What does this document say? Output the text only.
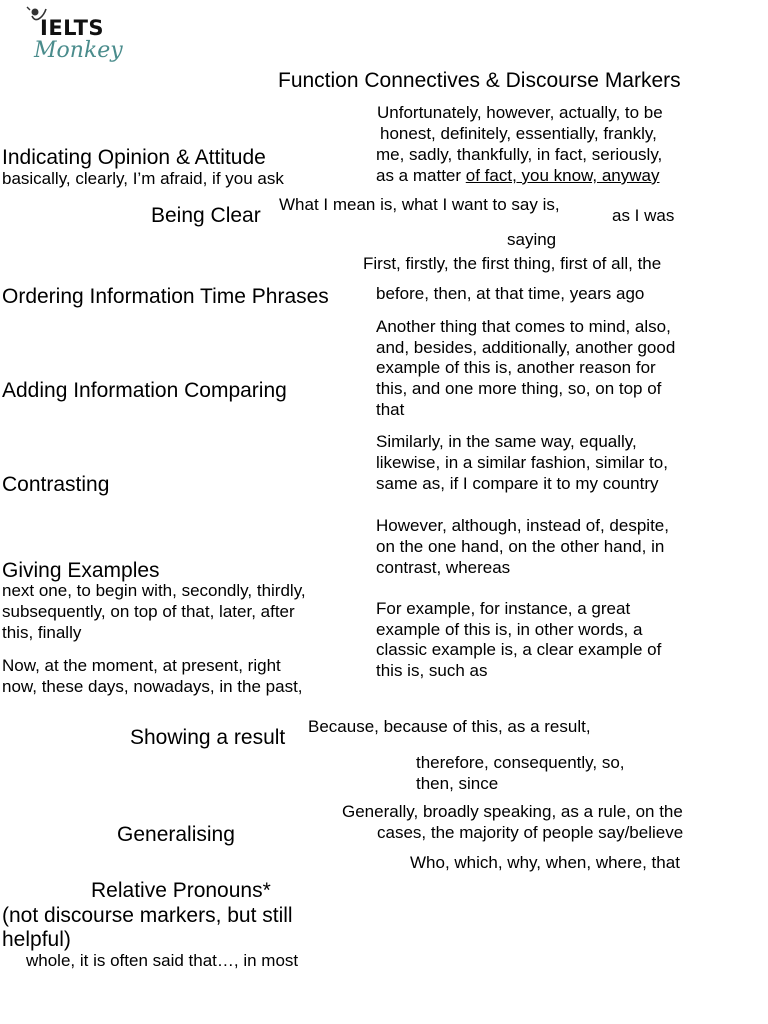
IELTS
Monkey
Function Connectives & Discourse Markers
Unfortunately, however, actually, to be
honest, definitely, essentially, frankly,
me, sadly, thankfully, in fact, seriously,
as a matter of fact, you know, anyway
Indicating Opinion & Attitude
basically, clearly, I’m afraid, if you ask
Being Clear What I mean is, what I want to say is,
as I was
saying
First, firstly, the first thing, first of all, the
Ordering Information Time Phrases	before, then, at that time, years ago
Another thing that comes to mind, also,
and, besides, additionally, another good
example of this is, another reason for
this, and one more thing, so, on top of
that
Adding Information Comparing
Similarly, in the same way, equally,
likewise, in a similar fashion, similar to,
same as, if I compare it to my country
Contrasting
However, although, instead of, despite,
on the one hand, on the other hand, in
contrast, whereas
Giving Examples
next one, to begin with, secondly, thirdly,
subsequently, on top of that, later, after
this, finally
For example, for instance, a great
example of this is, in other words, a
classic example is, a clear example of
this is, such as
Now, at the moment, at present, right
now, these days, nowadays, in the past,
Showing a result Because, because of this, as a result,
therefore, consequently, so,
then, since
Generally, broadly speaking, as a rule, on the
Generalising	cases, the majority of people say/believe
Who, which, why, when, where, that
Relative Pronouns*
(not discourse markers, but still
helpful)
whole, it is often said that…, in most
